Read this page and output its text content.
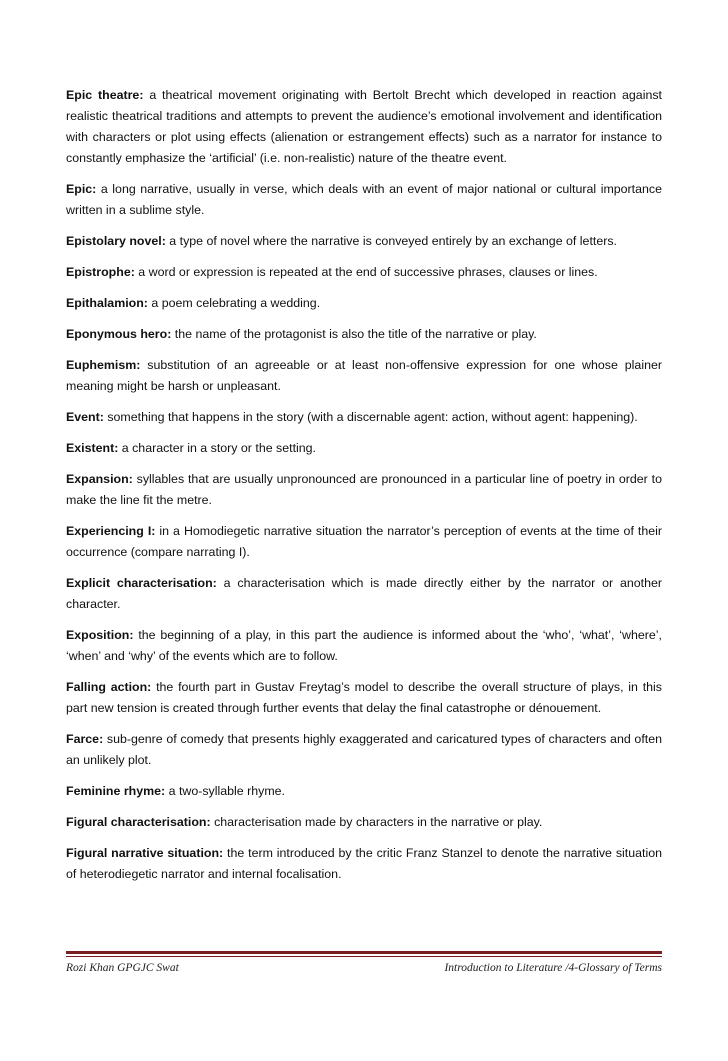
Epic theatre: a theatrical movement originating with Bertolt Brecht which developed in reaction against realistic theatrical traditions and attempts to prevent the audience’s emotional involvement and identification with characters or plot using effects (alienation or estrangement effects) such as a narrator for instance to constantly emphasize the ‘artificial’ (i.e. non-realistic) nature of the theatre event.

Epic: a long narrative, usually in verse, which deals with an event of major national or cultural importance written in a sublime style.

Epistolary novel: a type of novel where the narrative is conveyed entirely by an exchange of letters.

Epistrophe: a word or expression is repeated at the end of successive phrases, clauses or lines.

Epithalamion: a poem celebrating a wedding.

Eponymous hero: the name of the protagonist is also the title of the narrative or play.

Euphemism: substitution of an agreeable or at least non-offensive expression for one whose plainer meaning might be harsh or unpleasant.

Event: something that happens in the story (with a discernable agent: action, without agent: happening).

Existent: a character in a story or the setting.

Expansion: syllables that are usually unpronounced are pronounced in a particular line of poetry in order to make the line fit the metre.

Experiencing I: in a Homodiegetic narrative situation the narrator’s perception of events at the time of their occurrence (compare narrating I).

Explicit characterisation: a characterisation which is made directly either by the narrator or another character.

Exposition: the beginning of a play, in this part the audience is informed about the ‘who’, ‘what’, ‘where’, ‘when’ and ‘why’ of the events which are to follow.

Falling action: the fourth part in Gustav Freytag’s model to describe the overall structure of plays, in this part new tension is created through further events that delay the final catastrophe or dénouement.

Farce: sub-genre of comedy that presents highly exaggerated and caricatured types of characters and often an unlikely plot.

Feminine rhyme: a two-syllable rhyme.

Figural characterisation: characterisation made by characters in the narrative or play.

Figural narrative situation: the term introduced by the critic Franz Stanzel to denote the narrative situation of heterodiegetic narrator and internal focalisation.

Rozi Khan GPGJC Swat	Introduction to Literature /4-Glossary of Terms
